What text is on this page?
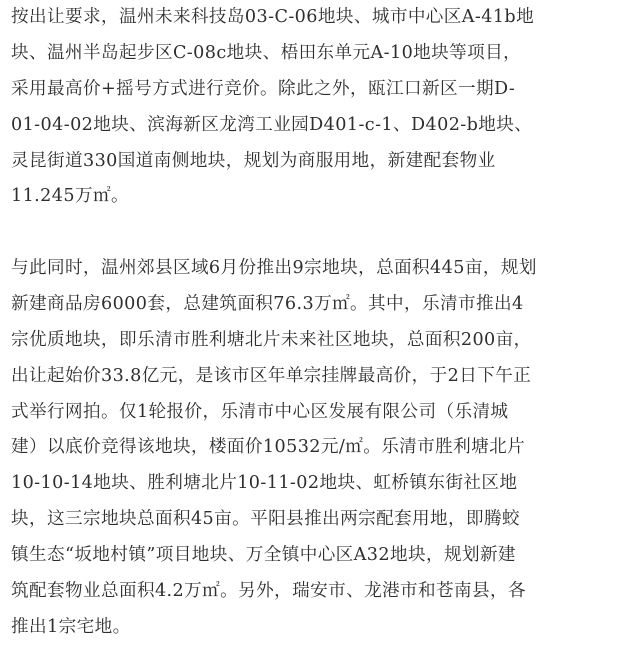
按出让要求，温州未来科技岛03-C-06地块、城市中心区A-41b地
块、温州半岛起步区C-08c地块、梧田东单元A-10地块等项目，
采用最高价+摇号方式进行竞价。除此之外，瓯江口新区一期D-
01-04-02地块、滨海新区龙湾工业园D401-c-1、D402-b地块、
灵昆街道330国道南侧地块，规划为商服用地，新建配套物业
11.245万㎡。
与此同时，温州郊县区域6月份推出9宗地块，总面积445亩，规划
新建商品房6000套，总建筑面积76.3万㎡。其中，乐清市推出4
宗优质地块，即乐清市胜利塘北片未来社区地块，总面积200亩，
出让起始价33.8亿元，是该市区年单宗挂牌最高价，于2日下午正
式举行网拍。仅1轮报价，乐清市中心区发展有限公司（乐清城
建）以底价竞得该地块，楼面价10532元/㎡。乐清市胜利塘北片
10-10-14地块、胜利塘北片10-11-02地块、虹桥镇东街社区地
块，这三宗地块总面积45亩。平阳县推出两宗配套用地，即腾蛟
镇生态“坂地村镇”项目地块、万全镇中心区A32地块，规划新建
筑配套物业总面积4.2万㎡。另外，瑞安市、龙港市和苍南县，各
推出1宗宅地。
